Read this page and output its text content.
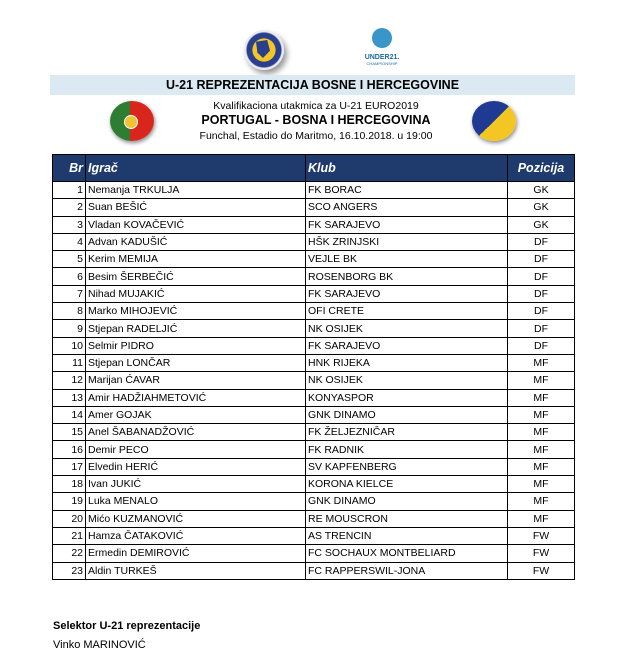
UNDER21.
CHAMPIONSHIP
U-21 REPREZENTACIJA BOSNE I HERCEGOVINE
Kvalifikaciona utakmica za U-21 EURO2019
PORTUGAL - BOSNA I HERCEGOVINA
Funchal, Estadio do Maritmo, 16.10.2018. u 19:00
Br	Igrač	Klub	Pozicija
1	Nemanja TRKULJA	FK BORAC	GK
2	Suan BEŠIĆ	SCO ANGERS	GK
3	Vladan KOVAČEVIĆ	FK SARAJEVO	GK
4	Advan KADUŠIĆ	HŠK ZRINJSKI	DF
5	Kerim MEMIJA	VEJLE BK	DF
6	Besim ŠERBEČIĆ	ROSENBORG BK	DF
7	Nihad MUJAKIĆ	FK SARAJEVO	DF
8	Marko MIHOJEVIĆ	OFI CRETE	DF
9	Stjepan RADELJIĆ	NK OSIJEK	DF
10	Selmir PIDRO	FK SARAJEVO	DF
11	Stjepan LONČAR	HNK RIJEKA	MF
12	Marijan ĆAVAR	NK OSIJEK	MF
13	Amir HADŽIAHMETOVIĆ	KONYASPOR	MF
14	Amer GOJAK	GNK DINAMO	MF
15	Anel ŠABANADŽOVIĆ	FK ŽELJEZNIČAR	MF
16	Demir PECO	FK RADNIK	MF
17	Elvedin HERIĆ	SV KAPFENBERG	MF
18	Ivan JUKIĆ	KORONA KIELCE	MF
19	Luka MENALO	GNK DINAMO	MF
20	Mićo KUZMANOVIĆ	RE MOUSCRON	MF
21	Hamza ČATAKOVIĆ	AS TRENCIN	FW
22	Ermedin DEMIROVIĆ	FC SOCHAUX MONTBELIARD	FW
23	Aldin TURKEŠ	FC RAPPERSWIL-JONA	FW
Selektor U-21 reprezentacije
Vinko MARINOVIĆ
